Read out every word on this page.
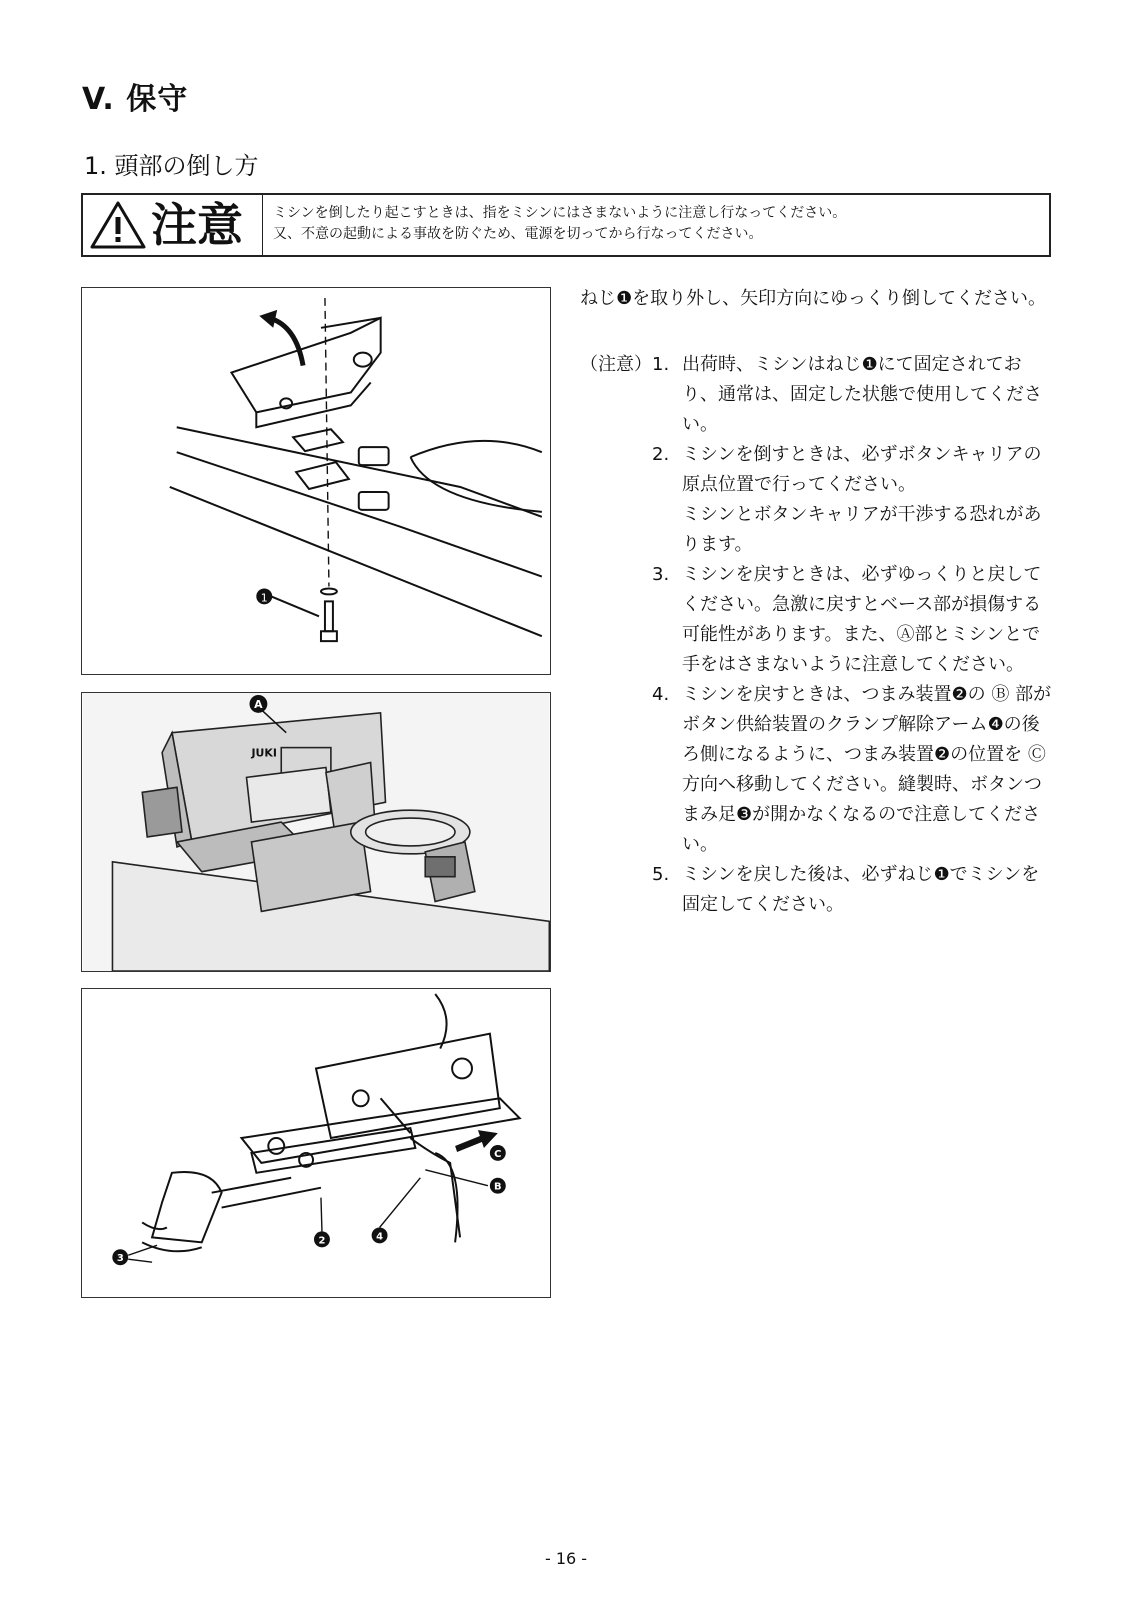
V. 保守
1. 頭部の倒し方
注意 ミシンを倒したり起こすときは、指をミシンにはさまないように注意し行なってください。
又、不意の起動による事故を防ぐため、電源を切ってから行なってください。
1
JUKI
A
C
B
2	4
3
ねじ❶を取り外し、矢印方向にゆっくり倒してください。
（注意） 1. 出荷時、ミシンはねじ❶にて固定されており、通常は、固定した状態で使用してください。
2. ミシンを倒すときは、必ずボタンキャリアの原点位置で行ってください。
ミシンとボタンキャリアが干渉する恐れがあります。
3. ミシンを戻すときは、必ずゆっくりと戻してください。急激に戻すとベース部が損傷する可能性があります。また、Ⓐ部とミシンとで手をはさまないように注意してください。
4. ミシンを戻すときは、つまみ装置❷の Ⓑ 部がボタン供給装置のクランプ解除アーム❹の後ろ側になるように、つまみ装置❷の位置を Ⓒ 方向へ移動してください。縫製時、ボタンつまみ足❸が開かなくなるので注意してください。
5. ミシンを戻した後は、必ずねじ❶でミシンを固定してください。
- 16 -
